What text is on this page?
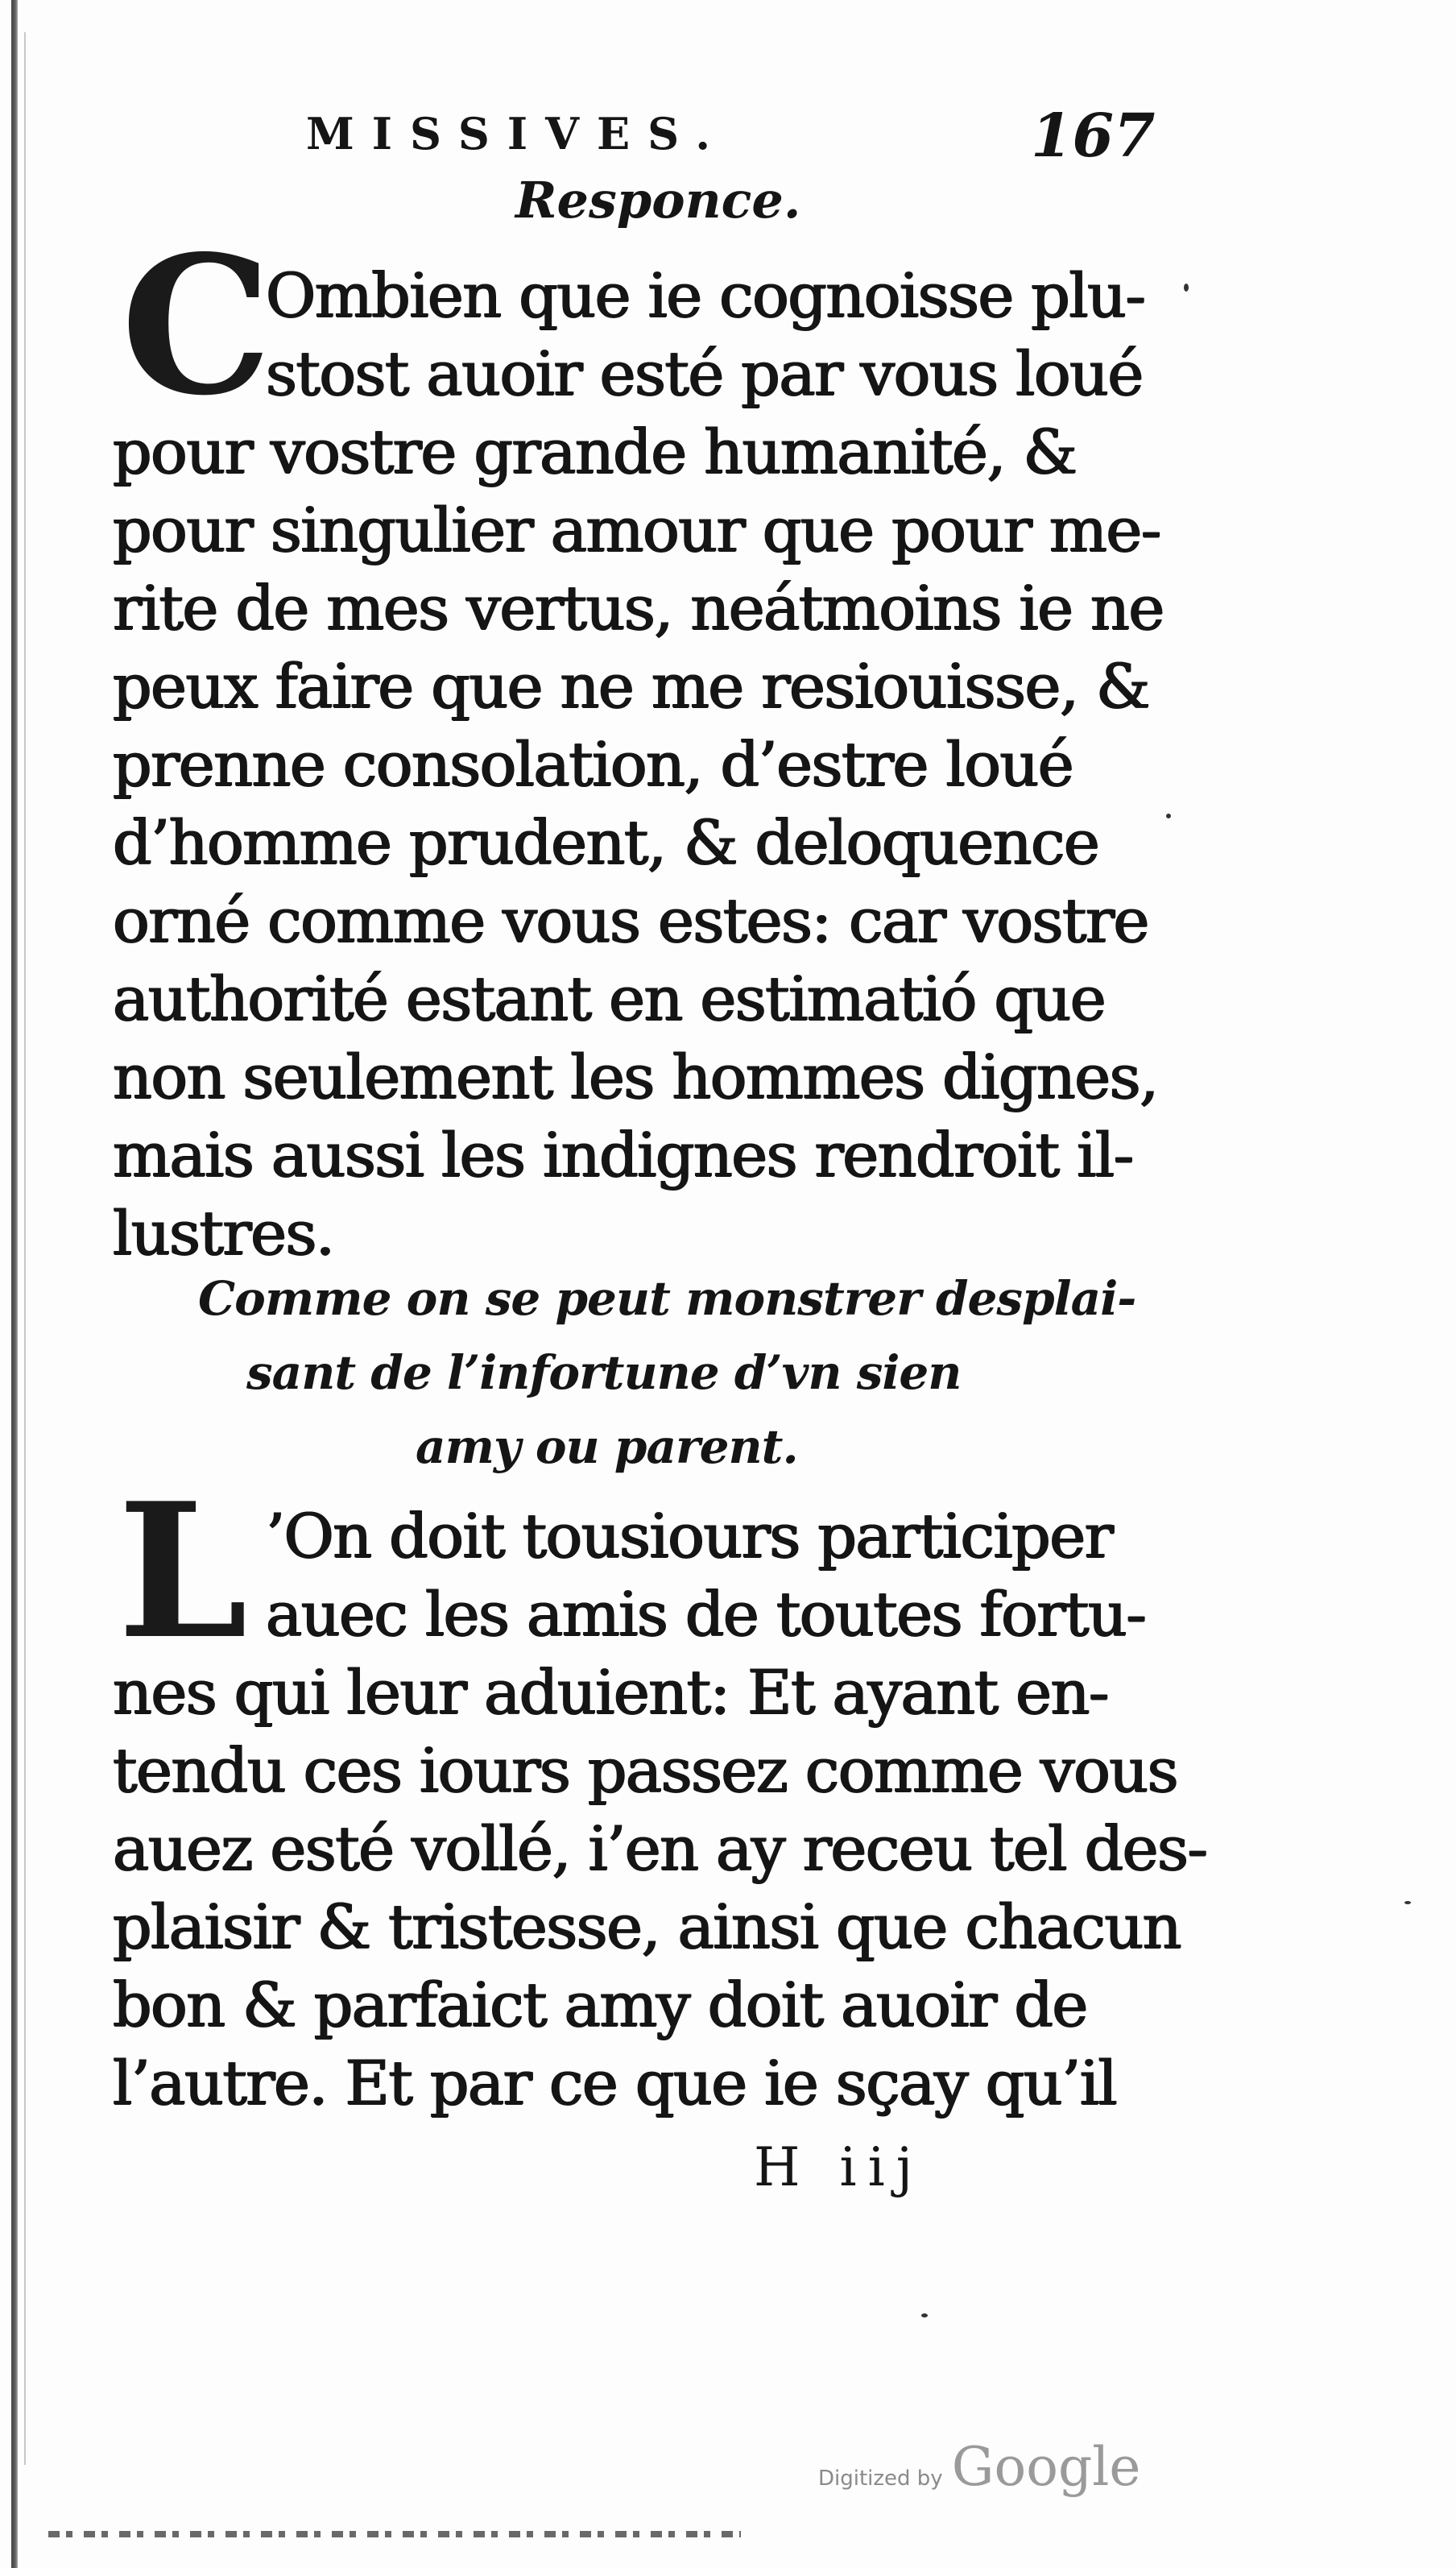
MISSIVES.	167
Responce.
C
Ombien que ie cognoisse plu-
stost auoir esté par vous loué
pour vostre grande humanité, &
pour singulier amour que pour me-
rite de mes vertus, neátmoins ie ne
peux faire que ne me resiouisse, &
prenne consolation, d’estre loué
d’homme prudent, & deloquence
orné comme vous estes: car vostre
authorité estant en estimatió que
non seulement les hommes dignes,
mais aussi les indignes rendroit il-
lustres.
Comme on se peut monstrer desplai-
sant de l’infortune d’vn sien
amy ou parent.
L ’On doit tousiours participer
auec les amis de toutes fortu-
nes qui leur aduient: Et ayant en-
tendu ces iours passez comme vous
auez esté vollé, i’en ay receu tel des-
plaisir & tristesse, ainsi que chacun
bon & parfaict amy doit auoir de
l’autre. Et par ce que ie sçay qu’il
H iij
Digitized by Google
